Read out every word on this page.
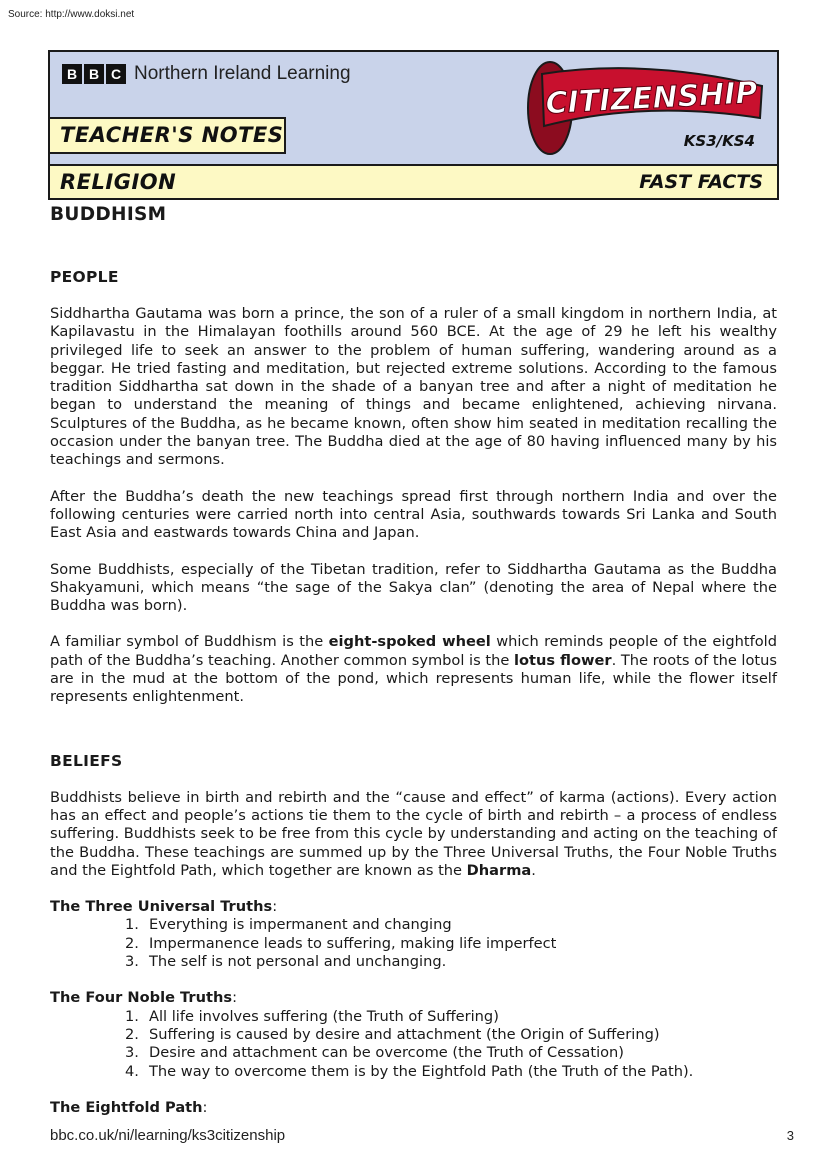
Source: http://www.doksi.net
B B C Northern Ireland Learning
TEACHER'S NOTES
CITIZENSHIP
KS3/KS4
RELIGION	FAST FACTS
BUDDHISM
PEOPLE

Siddhartha Gautama was born a prince, the son of a ruler of a small kingdom in northern India, at Kapilavastu in the Himalayan foothills around 560 BCE. At the age of 29 he left his wealthy privileged life to seek an answer to the problem of human suffering, wandering around as a beggar. He tried fasting and meditation, but rejected extreme solutions. According to the famous tradition Siddhartha sat down in the shade of a banyan tree and after a night of meditation he began to understand the meaning of things and became enlightened, achieving nirvana. Sculptures of the Buddha, as he became known, often show him seated in meditation recalling the occasion under the banyan tree. The Buddha died at the age of 80 having influenced many by his teachings and sermons.

After the Buddha’s death the new teachings spread first through northern India and over the following centuries were carried north into central Asia, southwards towards Sri Lanka and South East Asia and eastwards towards China and Japan.

Some Buddhists, especially of the Tibetan tradition, refer to Siddhartha Gautama as the Buddha Shakyamuni, which means “the sage of the Sakya clan” (denoting the area of Nepal where the Buddha was born).

A familiar symbol of Buddhism is the eight-spoked wheel which reminds people of the eightfold path of the Buddha’s teaching. Another common symbol is the lotus flower. The roots of the lotus are in the mud at the bottom of the pond, which represents human life, while the flower itself represents enlightenment.

BELIEFS

Buddhists believe in birth and rebirth and the “cause and effect” of karma (actions). Every action has an effect and people’s actions tie them to the cycle of birth and rebirth – a process of endless suffering. Buddhists seek to be free from this cycle by understanding and acting on the teaching of the Buddha. These teachings are summed up by the Three Universal Truths, the Four Noble Truths and the Eightfold Path, which together are known as the Dharma.

The Three Universal Truths:
1. Everything is impermanent and changing
2. Impermanence leads to suffering, making life imperfect
3. The self is not personal and unchanging.
The Four Noble Truths:
1. All life involves suffering (the Truth of Suffering)
2. Suffering is caused by desire and attachment (the Origin of Suffering)
3. Desire and attachment can be overcome (the Truth of Cessation)
4. The way to overcome them is by the Eightfold Path (the Truth of the Path).
The Eightfold Path:
bbc.co.uk/ni/learning/ks3citizenship	3
